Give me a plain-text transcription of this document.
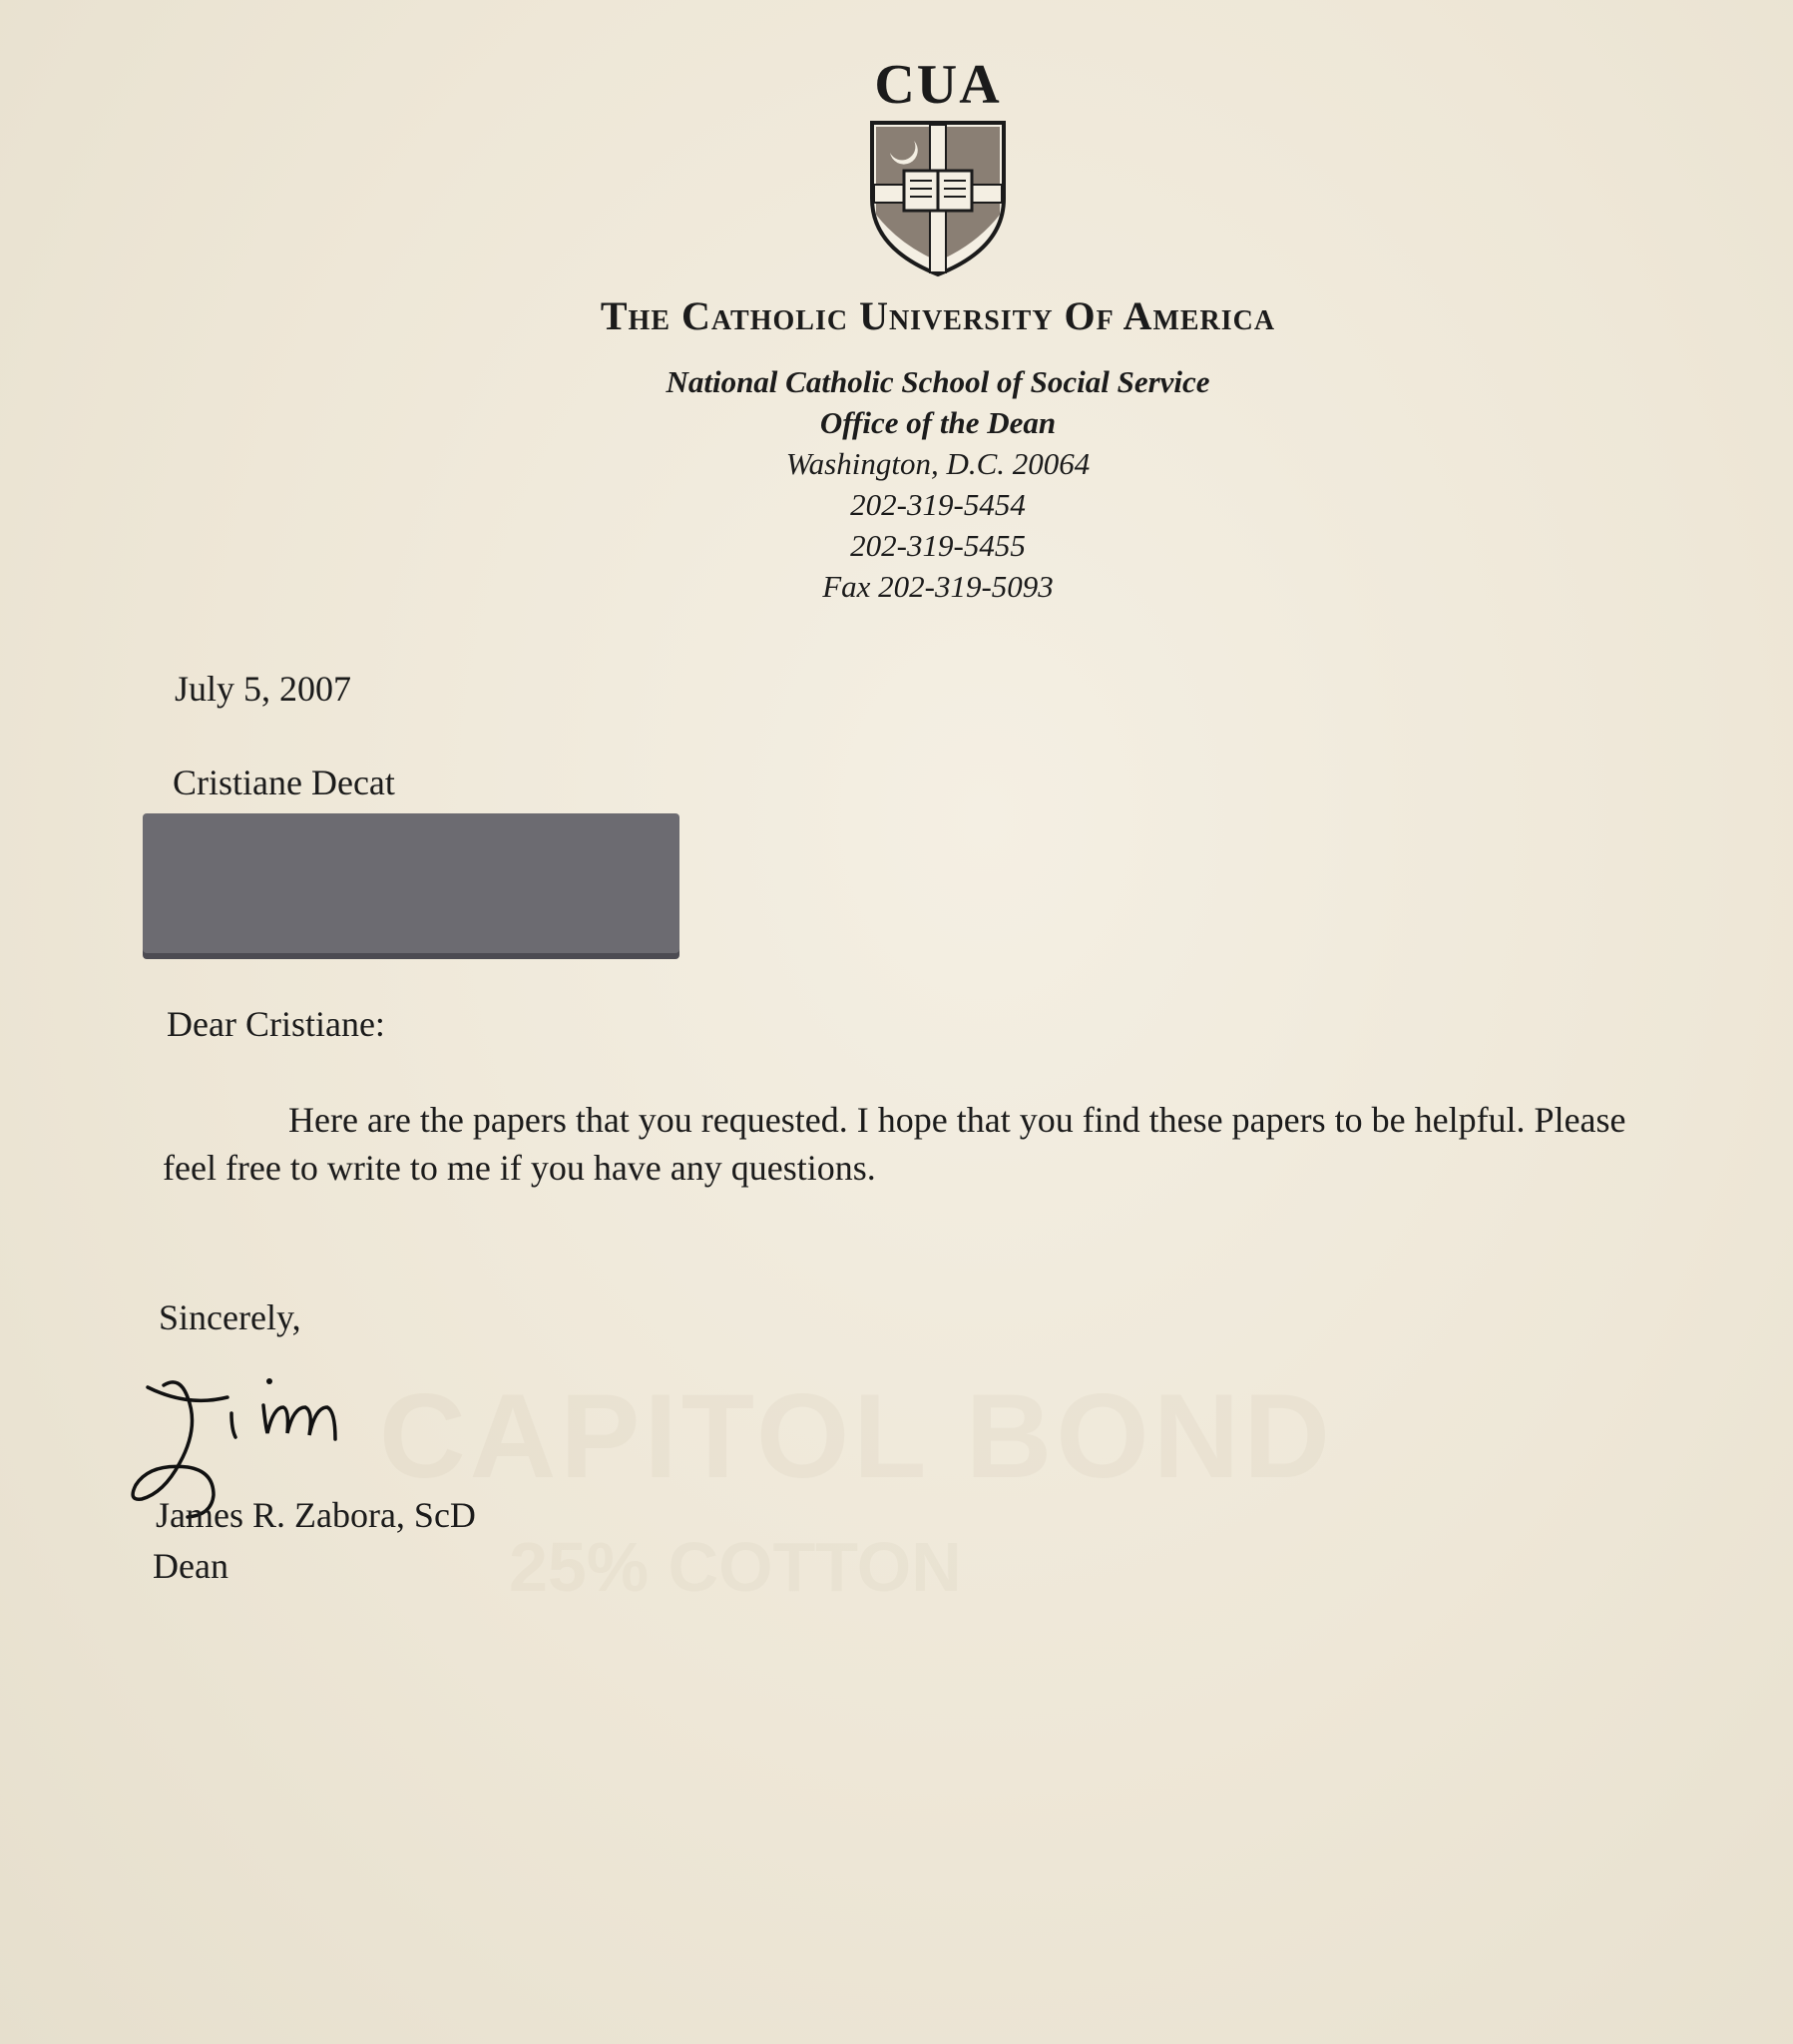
CAPITOL BOND
25% COTTON
CUA
The Catholic University Of America
National Catholic School of Social Service
Office of the Dean
Washington, D.C. 20064
202-319-5454
202-319-5455
Fax 202-319-5093
July 5, 2007
Cristiane Decat
Dear Cristiane:
Here are the papers that you requested. I hope that you find these papers to be helpful. Please feel free to write to me if you have any questions.
Sincerely,
James R. Zabora, ScD
Dean
